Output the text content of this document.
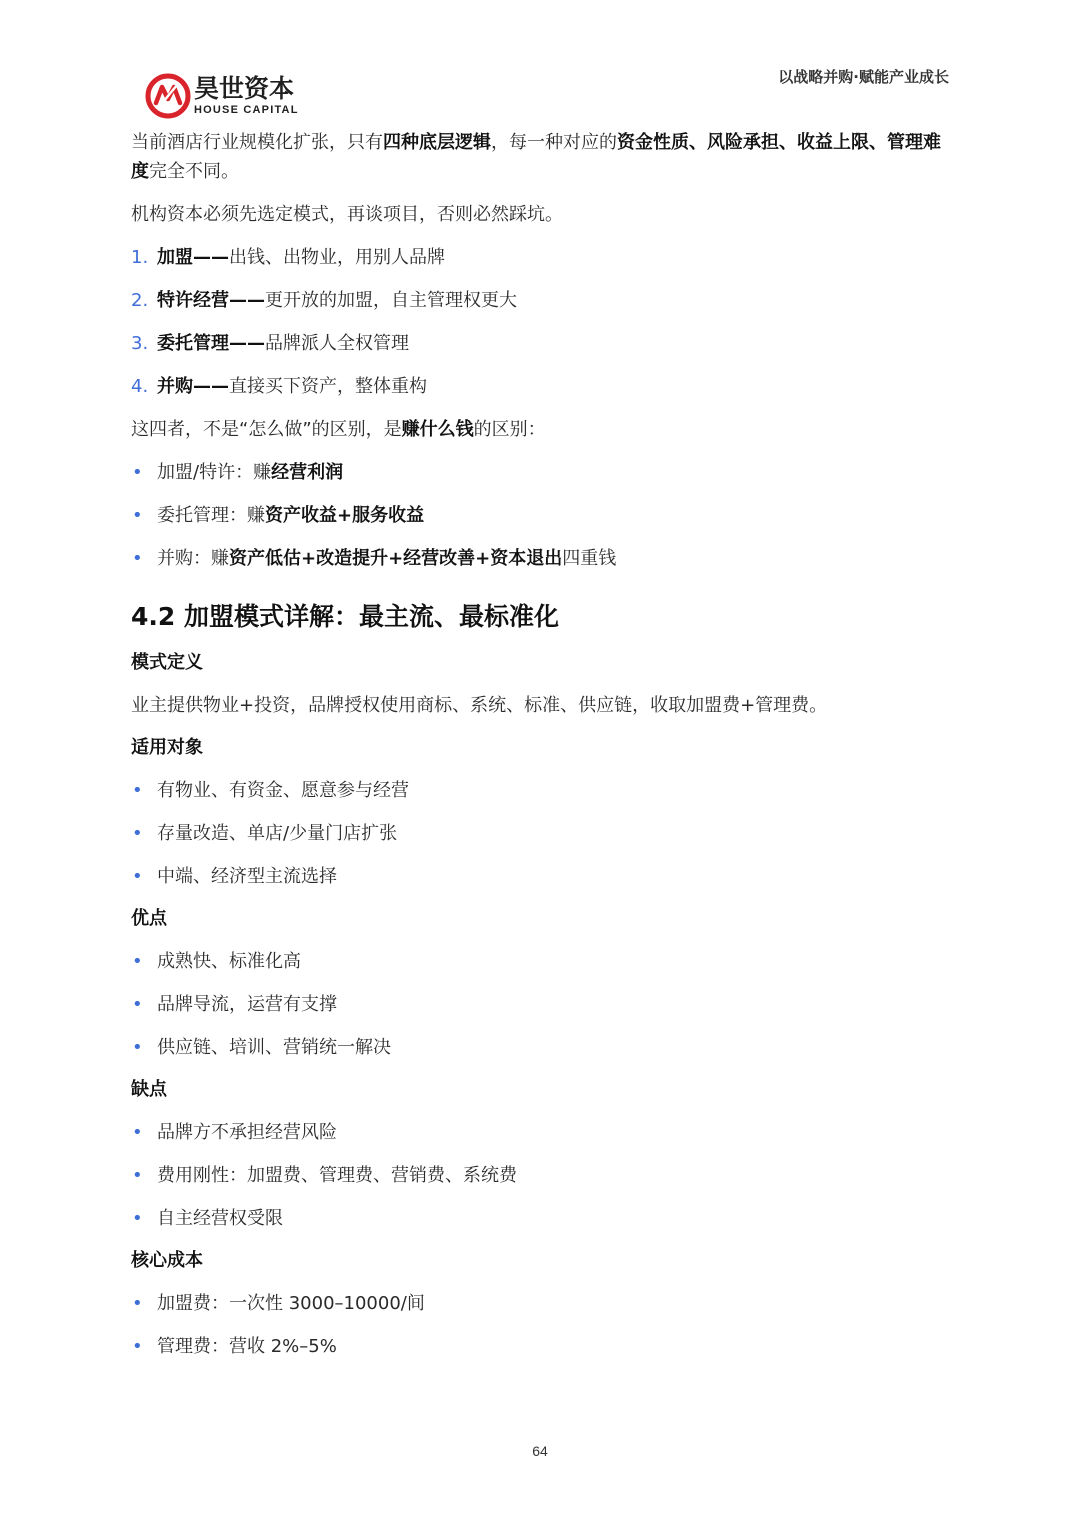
昊世资本
HOUSE CAPITAL
以战略并购·赋能产业成长

当前酒店行业规模化扩张，只有四种底层逻辑，每一种对应的资金性质、风险承担、收益上限、管理难度完全不同。

机构资本必须先选定模式，再谈项目，否则必然踩坑。

1. 加盟——出钱、出物业，用别人品牌
2. 特许经营——更开放的加盟，自主管理权更大
3. 委托管理——品牌派人全权管理
4. 并购——直接买下资产，整体重构

这四者，不是“怎么做”的区别，是赚什么钱的区别：

• 加盟/特许：赚经营利润
• 委托管理：赚资产收益+服务收益
• 并购：赚资产低估+改造提升+经营改善+资本退出四重钱
4.2 加盟模式详解：最主流、最标准化
模式定义

业主提供物业+投资，品牌授权使用商标、系统、标准、供应链，收取加盟费+管理费。

适用对象
• 有物业、有资金、愿意参与经营
• 存量改造、单店/少量门店扩张
• 中端、经济型主流选择
优点
• 成熟快、标准化高
• 品牌导流，运营有支撑
• 供应链、培训、营销统一解决
缺点
• 品牌方不承担经营风险
• 费用刚性：加盟费、管理费、营销费、系统费
• 自主经营权受限
核心成本
• 加盟费：一次性 3000–10000/间
• 管理费：营收 2%–5%
64
